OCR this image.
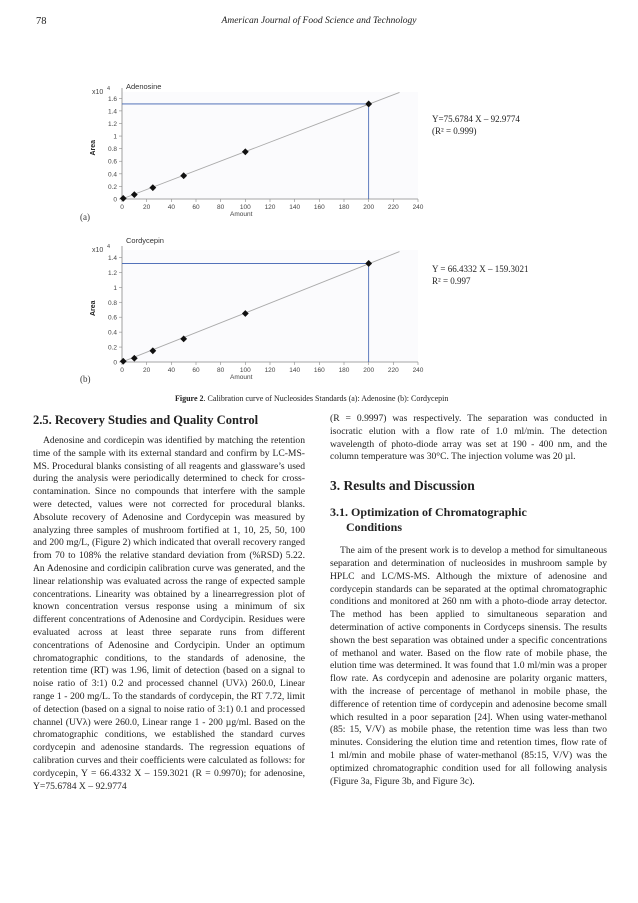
78	American Journal of Food Science and Technology
Adenosine
x10 4
0
0.2
0.4
0.6
0.8
1
1.2
1.4
1.6
0	20	40	60	80 100 120 140 160 180 200 220 240
Amount
Area
Y=75.6784 X – 92.9774
(R² = 0.999)
(a)
Cordycepin
x10 4
0
0.2
0.4
0.6
0.8
1
1.2
1.4
0	20	40	60	80 100 120 140 160 180 200 220 240
Amount
Area
Y = 66.4332 X – 159.3021
R² = 0.997
(b)
Figure 2. Calibration curve of Nucleosides Standards (a): Adenosine (b): Cordycepin
2.5. Recovery Studies and Quality Control

Adenosine and cordicepin was identified by matching the retention time of the sample with its external standard and confirm by LC-MS-MS. Procedural blanks consisting of all reagents and glassware’s used during the analysis were periodically determined to check for cross-contamination. Since no compounds that interfere with the sample were detected, values were not corrected for procedural blanks. Absolute recovery of Adenosine and Cordycepin was measured by analyzing three samples of mushroom fortified at 1, 10, 25, 50, 100 and 200 mg/L, (Figure 2) which indicated that overall recovery ranged from 70 to 108% the relative standard deviation from (%RSD) 5.22. An Adenosine and cordicipin calibration curve was generated, and the linear relationship was evaluated across the range of expected sample concentrations. Linearity was obtained by a linearregression plot of known concentration versus response using a minimum of six different concentrations of Adenosine and Cordycipin. Residues were evaluated across at least three separate runs from different concentrations of Adenosine and Cordycipin. Under an optimum chromatographic conditions, to the standards of adenosine, the retention time (RT) was 1.96, limit of detection (based on a signal to noise ratio of 3:1) 0.2 and processed channel (UVλ) 260.0, Linear range 1 - 200 mg/L. To the standards of cordycepin, the RT 7.72, limit of detection (based on a signal to noise ratio of 3:1) 0.1 and processed channel (UVλ) were 260.0, Linear range 1 - 200 µg/ml. Based on the chromatographic conditions, we established the standard curves cordycepin and adenosine standards. The regression equations of calibration curves and their coefficients were calculated as follows: for cordycepin, Y = 66.4332 X – 159.3021 (R = 0.9970); for adenosine, Y=75.6784 X – 92.9774

(R = 0.9997) was respectively. The separation was conducted in isocratic elution with a flow rate of 1.0 ml/min. The detection wavelength of photo-diode array was set at 190 - 400 nm, and the column temperature was 30°C. The injection volume was 20 µl.

3. Results and Discussion
3.1. Optimization of Chromatographic
Conditions

The aim of the present work is to develop a method for simultaneous separation and determination of nucleosides in mushroom sample by HPLC and LC/MS-MS. Although the mixture of adenosine and cordycepin standards can be separated at the optimal chromatographic conditions and monitored at 260 nm with a photo-diode array detector. The method has been applied to simultaneous separation and determination of active components in Cordyceps sinensis. The results shown the best separation was obtained under a specific concentrations of methanol and water. Based on the flow rate of mobile phase, the elution time was determined. It was found that 1.0 ml/min was a proper flow rate. As cordycepin and adenosine are polarity organic matters, with the increase of percentage of methanol in mobile phase, the difference of retention time of cordycepin and adenosine become small which resulted in a poor separation [24]. When using water-methanol (85: 15, V/V) as mobile phase, the retention time was less than two minutes. Considering the elution time and retention times, flow rate of 1 ml/min and mobile phase of water-methanol (85:15, V/V) was the optimized chromatographic condition used for all following analysis (Figure 3a, Figure 3b, and Figure 3c).
